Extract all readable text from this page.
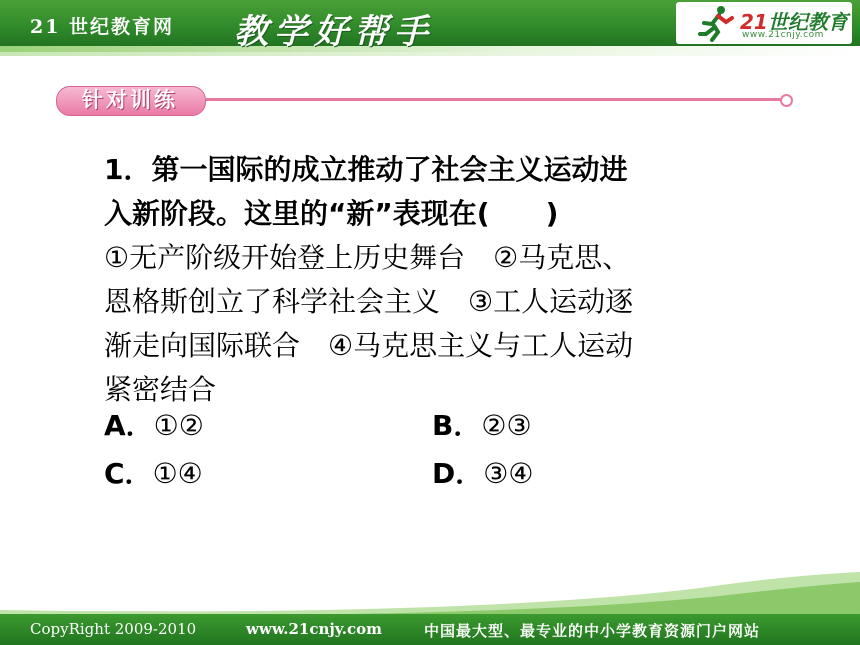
21 世纪教育网 教学好帮手	21世纪教育
www.21cnjy.com
针对训练
1．第一国际的成立推动了社会主义运动进
入新阶段。这里的“新”表现在(　　)
①无产阶级开始登上历史舞台　②马克思、
恩格斯创立了科学社会主义　③工人运动逐
渐走向国际联合　④马克思主义与工人运动
紧密结合
A．①②	B．②③
C．①④	D．③④
CopyRight 2009-2010	www.21cnjy.com	中国最大型、最专业的中小学教育资源门户网站
